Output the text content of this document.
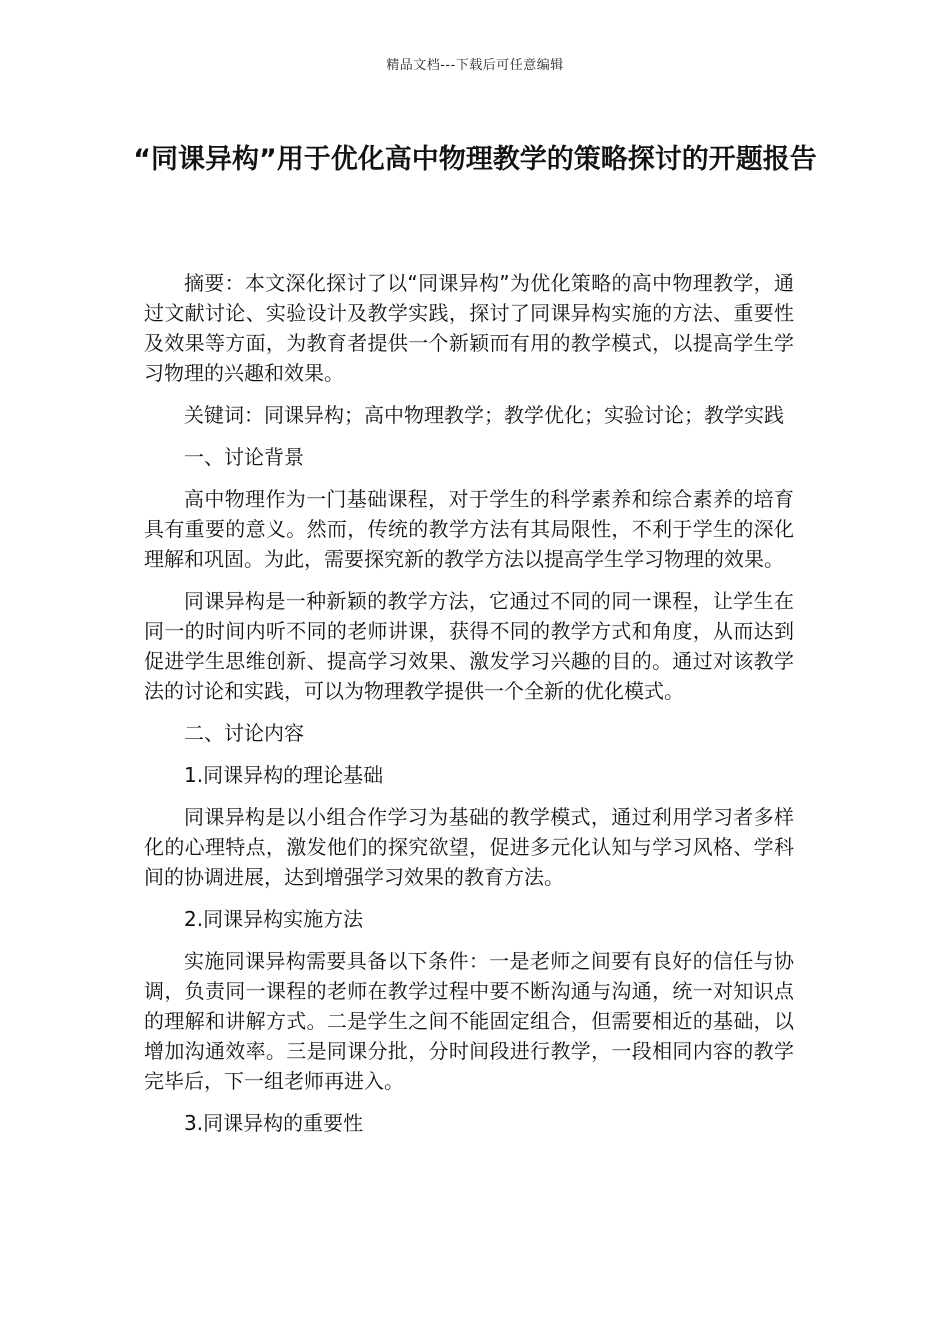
精品文档---下载后可任意编辑
“同课异构”用于优化高中物理教学的策略探讨的开题报告

摘要：本文深化探讨了以“同课异构”为优化策略的高中物理教学，通过文献讨论、实验设计及教学实践，探讨了同课异构实施的方法、重要性及效果等方面，为教育者提供一个新颖而有用的教学模式，以提高学生学习物理的兴趣和效果。

关键词：同课异构；高中物理教学；教学优化；实验讨论；教学实践

一、讨论背景

高中物理作为一门基础课程，对于学生的科学素养和综合素养的培育具有重要的意义。然而，传统的教学方法有其局限性，不利于学生的深化理解和巩固。为此，需要探究新的教学方法以提高学生学习物理的效果。

同课异构是一种新颖的教学方法，它通过不同的同一课程，让学生在同一的时间内听不同的老师讲课，获得不同的教学方式和角度，从而达到促进学生思维创新、提高学习效果、激发学习兴趣的目的。通过对该教学法的讨论和实践，可以为物理教学提供一个全新的优化模式。

二、讨论内容

1.同课异构的理论基础

同课异构是以小组合作学习为基础的教学模式，通过利用学习者多样化的心理特点，激发他们的探究欲望，促进多元化认知与学习风格、学科间的协调进展，达到增强学习效果的教育方法。

2.同课异构实施方法

实施同课异构需要具备以下条件：一是老师之间要有良好的信任与协调，负责同一课程的老师在教学过程中要不断沟通与沟通，统一对知识点的理解和讲解方式。二是学生之间不能固定组合，但需要相近的基础，以增加沟通效率。三是同课分批，分时间段进行教学，一段相同内容的教学完毕后，下一组老师再进入。

3.同课异构的重要性
